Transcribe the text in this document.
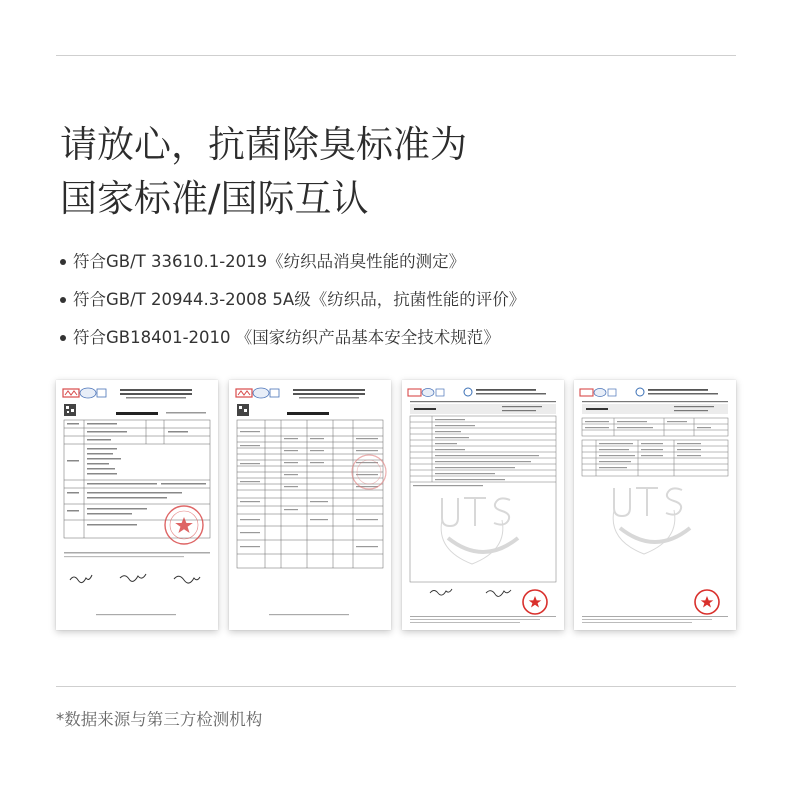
请放心，抗菌除臭标准为
国家标准/国际互认
符合GB/T 33610.1-2019《纺织品消臭性能的测定》
符合GB/T 20944.3-2008 5A级《纺织品，抗菌性能的评价》
符合GB18401-2010 《国家纺织产品基本安全技术规范》

*数据来源与第三方检测机构
